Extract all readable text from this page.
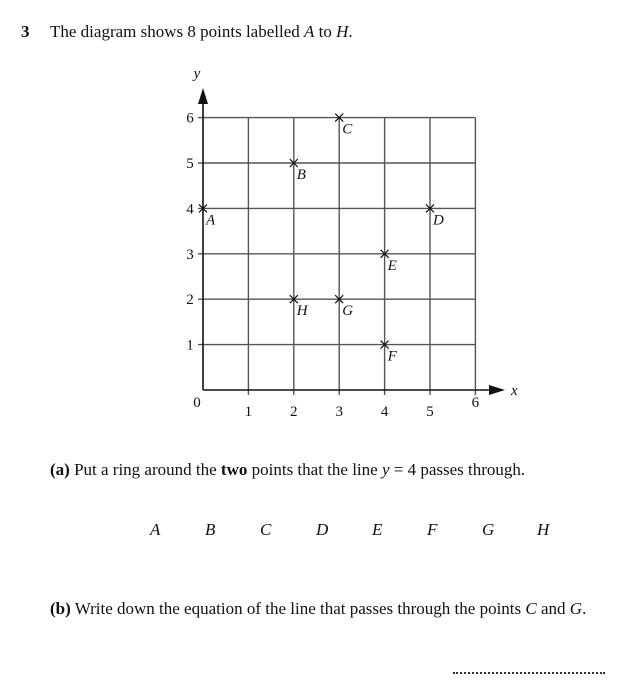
3 The diagram shows 8 points labelled A to H.
y
x
0
1	2	3	4	5
6
1
2
3
4
5
6
A
B
C
D
E
F
G
H
(a) Put a ring around the two points that the line y = 4 passes through.
A	B	C	D	E	F	G	H
(b) Write down the equation of the line that passes through the points C and G.
